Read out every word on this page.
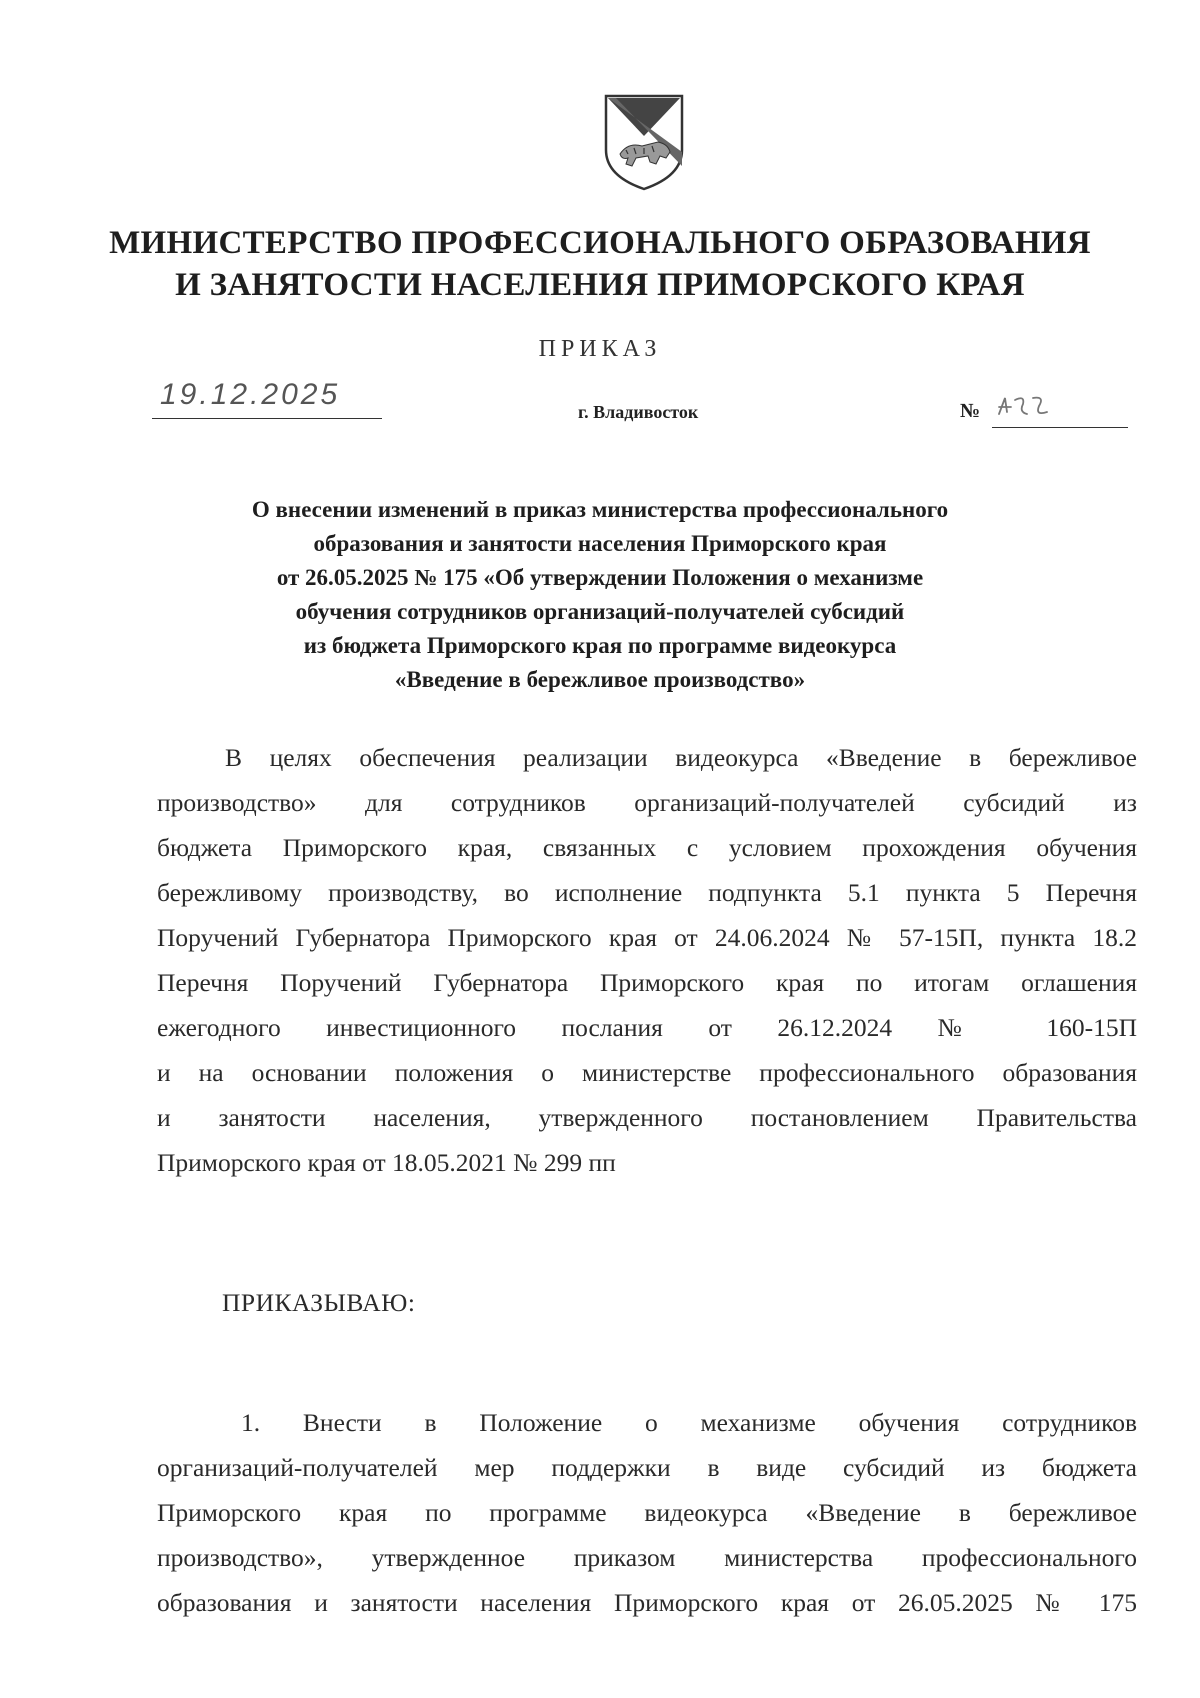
МИНИСТЕРСТВО ПРОФЕССИОНАЛЬНОГО ОБРАЗОВАНИЯ
И ЗАНЯТОСТИ НАСЕЛЕНИЯ ПРИМОРСКОГО КРАЯ
ПРИКАЗ
19.12.2025
г. Владивосток	№
О внесении изменений в приказ министерства профессионального
образования и занятости населения Приморского края
от 26.05.2025 № 175 «Об утверждении Положения о механизме
обучения сотрудников организаций-получателей субсидий
из бюджета Приморского края по программе видеокурса
«Введение в бережливое производство»
В целях обеспечения реализации видеокурса «Введение в бережливое
производство» для сотрудников организаций-получателей субсидий из
бюджета Приморского края, связанных с условием прохождения обучения
бережливому производству, во исполнение подпункта 5.1 пункта 5 Перечня
Поручений Губернатора Приморского края от 24.06.2024 № 57-15П, пункта 18.2
Перечня Поручений Губернатора Приморского края по итогам оглашения
ежегодного инвестиционного послания от 26.12.2024 № 160-15П
и на основании положения о министерстве профессионального образования
и занятости населения, утвержденного постановлением Правительства
Приморского края от 18.05.2021 № 299 пп
ПРИКАЗЫВАЮ:
1. Внести в Положение о механизме обучения сотрудников
организаций-получателей мер поддержки в виде субсидий из бюджета
Приморского края по программе видеокурса «Введение в бережливое
производство», утвержденное приказом министерства профессионального
образования и занятости населения Приморского края от 26.05.2025 № 175
